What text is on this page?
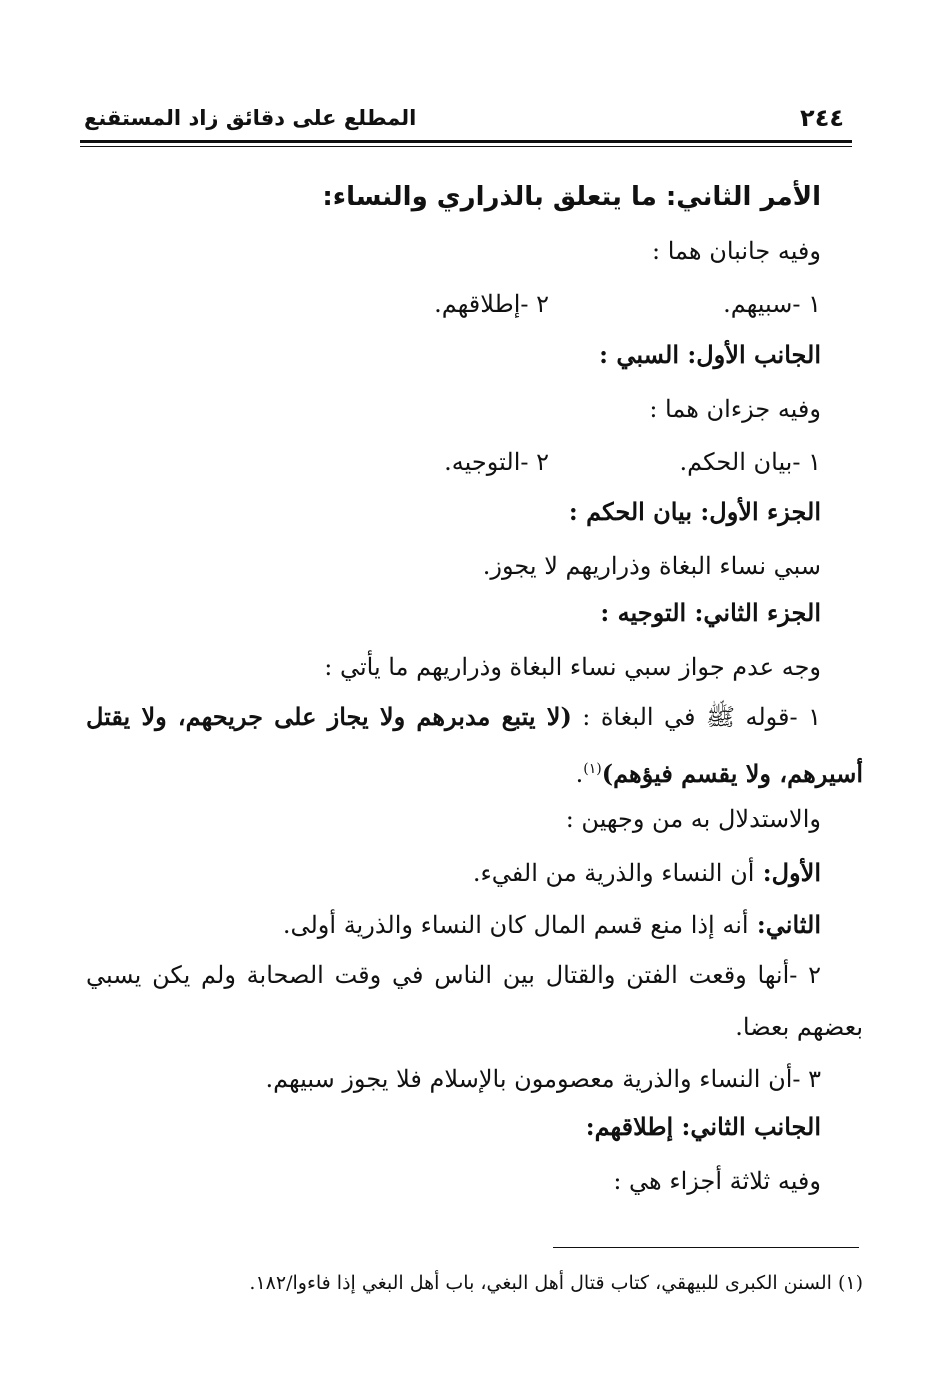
٢٤٤
المطلع على دقائق زاد المستقنع
الأمر الثاني: ما يتعلق بالذراري والنساء:
وفيه جانبان هما :
١ -سبيهم.
٢ -إطلاقهم.
الجانب الأول: السبي :
وفيه جزءان هما :
١ -بيان الحكم.
٢ -التوجيه.
الجزء الأول: بيان الحكم :
سبي نساء البغاة وذراريهم لا يجوز.
الجزء الثاني: التوجيه :
وجه عدم جواز سبي نساء البغاة وذراريهم ما يأتي :
١ -قوله ﷺ في البغاة : (لا يتبع مدبرهم ولا يجاز على جريحهم، ولا يقتل
أسيرهم، ولا يقسم فيؤهم)$^{(١)}$.
والاستدلال به من وجهين :
الأول: أن النساء والذرية من الفيء.
الثاني: أنه إذا منع قسم المال كان النساء والذرية أولى.
٢ -أنها وقعت الفتن والقتال بين الناس في وقت الصحابة ولم يكن يسبي
بعضهم بعضا.
٣ -أن النساء والذرية معصومون بالإسلام فلا يجوز سبيهم.
الجانب الثاني: إطلاقهم:
وفيه ثلاثة أجزاء هي :
(١) السنن الكبرى للبيهقي، كتاب قتال أهل البغي، باب أهل البغي إذا فاءوا/١٨٢.
